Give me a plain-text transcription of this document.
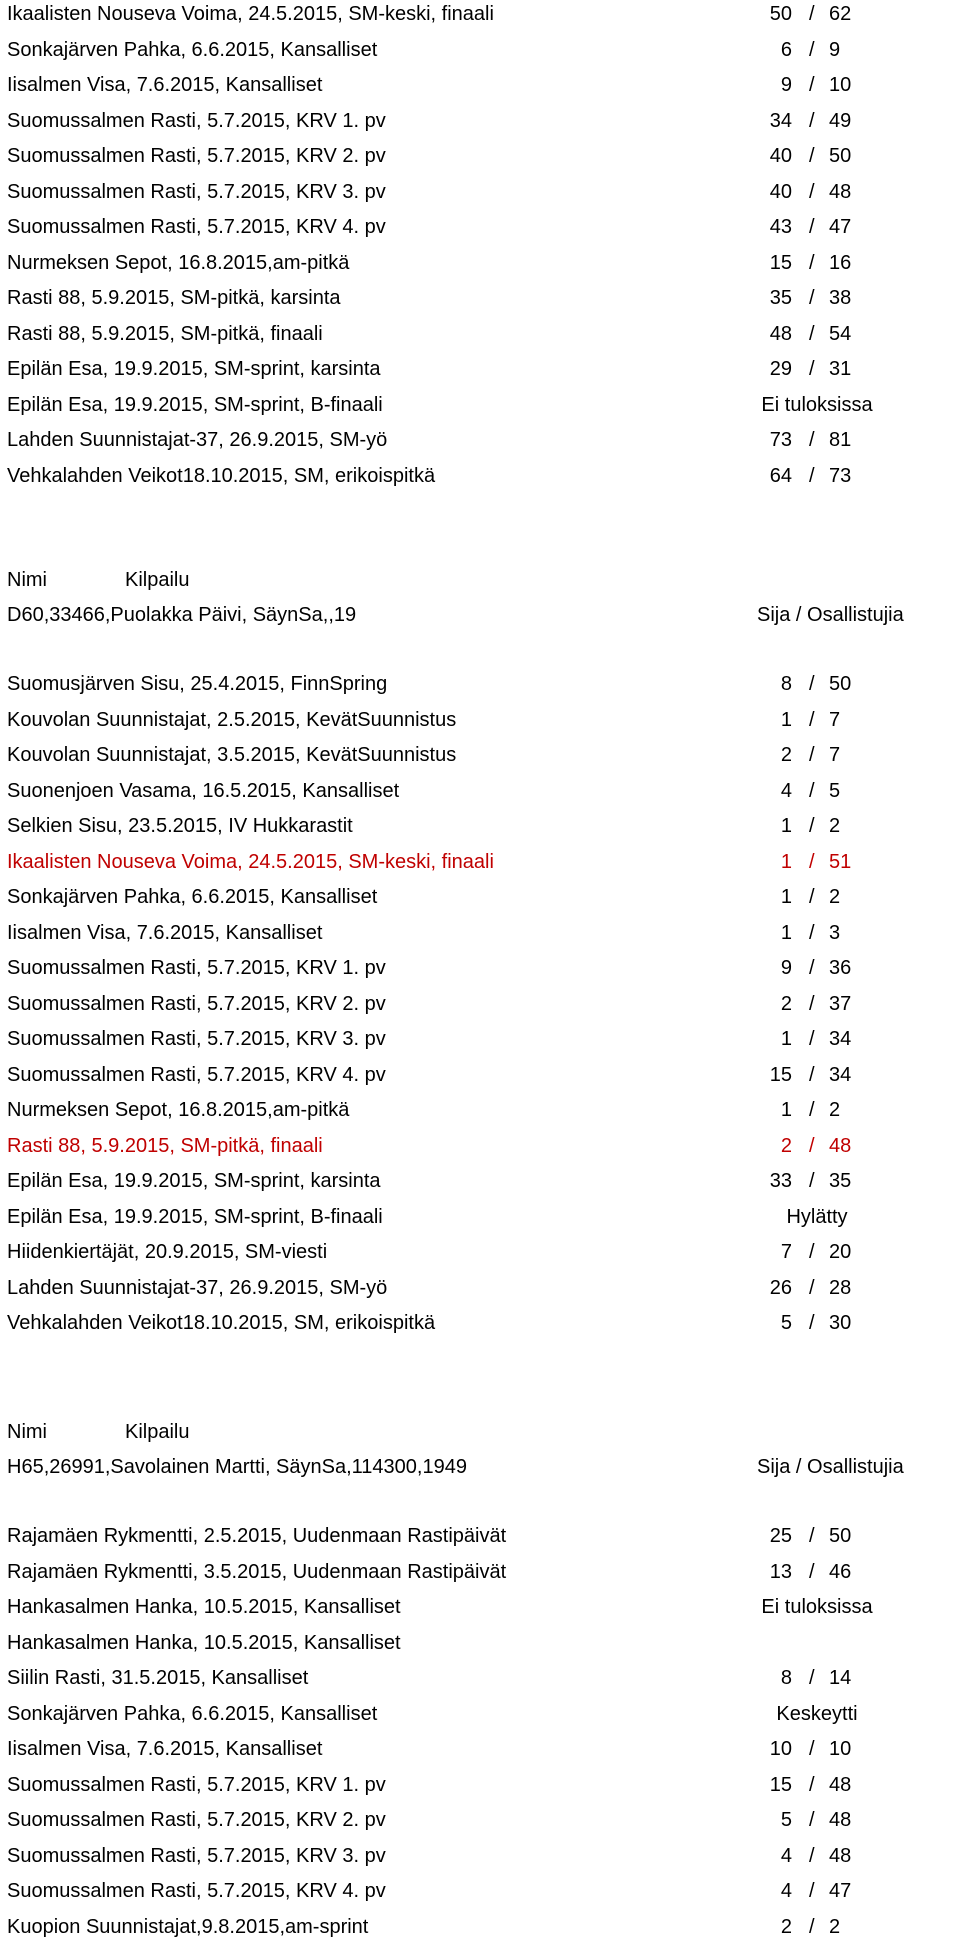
Ikaalisten Nouseva Voima, 24.5.2015, SM-keski, finaali	50 / 62
Sonkajärven Pahka, 6.6.2015, Kansalliset	6 / 9
Iisalmen Visa, 7.6.2015, Kansalliset	9 / 10
Suomussalmen Rasti, 5.7.2015, KRV 1. pv	34 / 49
Suomussalmen Rasti, 5.7.2015, KRV 2. pv	40 / 50
Suomussalmen Rasti, 5.7.2015, KRV 3. pv	40 / 48
Suomussalmen Rasti, 5.7.2015, KRV 4. pv	43 / 47
Nurmeksen Sepot, 16.8.2015,am-pitkä	15 / 16
Rasti 88, 5.9.2015, SM-pitkä, karsinta	35 / 38
Rasti 88, 5.9.2015, SM-pitkä, finaali	48 / 54
Epilän Esa, 19.9.2015, SM-sprint, karsinta	29 / 31
Epilän Esa, 19.9.2015, SM-sprint, B-finaali	Ei tuloksissa
Lahden Suunnistajat-37, 26.9.2015, SM-yö	73 / 81
Vehkalahden Veikot18.10.2015, SM, erikoispitkä	64 / 73
Nimi	Kilpailu
D60,33466,Puolakka Päivi, SäynSa,,19	Sija / Osallistujia
Suomusjärven Sisu, 25.4.2015, FinnSpring	8 / 50
Kouvolan Suunnistajat, 2.5.2015, KevätSuunnistus	1 / 7
Kouvolan Suunnistajat, 3.5.2015, KevätSuunnistus	2 / 7
Suonenjoen Vasama, 16.5.2015, Kansalliset	4 / 5
Selkien Sisu, 23.5.2015, IV Hukkarastit	1 / 2
Ikaalisten Nouseva Voima, 24.5.2015, SM-keski, finaali	1 / 51
Sonkajärven Pahka, 6.6.2015, Kansalliset	1 / 2
Iisalmen Visa, 7.6.2015, Kansalliset	1 / 3
Suomussalmen Rasti, 5.7.2015, KRV 1. pv	9 / 36
Suomussalmen Rasti, 5.7.2015, KRV 2. pv	2 / 37
Suomussalmen Rasti, 5.7.2015, KRV 3. pv	1 / 34
Suomussalmen Rasti, 5.7.2015, KRV 4. pv	15 / 34
Nurmeksen Sepot, 16.8.2015,am-pitkä	1 / 2
Rasti 88, 5.9.2015, SM-pitkä, finaali	2 / 48
Epilän Esa, 19.9.2015, SM-sprint, karsinta	33 / 35
Epilän Esa, 19.9.2015, SM-sprint, B-finaali	Hylätty
Hiidenkiertäjät, 20.9.2015, SM-viesti	7 / 20
Lahden Suunnistajat-37, 26.9.2015, SM-yö	26 / 28
Vehkalahden Veikot18.10.2015, SM, erikoispitkä	5 / 30
Nimi	Kilpailu
H65,26991,Savolainen Martti, SäynSa,114300,1949	Sija / Osallistujia
Rajamäen Rykmentti, 2.5.2015, Uudenmaan Rastipäivät	25 / 50
Rajamäen Rykmentti, 3.5.2015, Uudenmaan Rastipäivät	13 / 46
Hankasalmen Hanka, 10.5.2015, Kansalliset	Ei tuloksissa
Hankasalmen Hanka, 10.5.2015, Kansalliset
Siilin Rasti, 31.5.2015, Kansalliset	8 / 14
Sonkajärven Pahka, 6.6.2015, Kansalliset	Keskeytti
Iisalmen Visa, 7.6.2015, Kansalliset	10 / 10
Suomussalmen Rasti, 5.7.2015, KRV 1. pv	15 / 48
Suomussalmen Rasti, 5.7.2015, KRV 2. pv	5 / 48
Suomussalmen Rasti, 5.7.2015, KRV 3. pv	4 / 48
Suomussalmen Rasti, 5.7.2015, KRV 4. pv	4 / 47
Kuopion Suunnistajat,9.8.2015,am-sprint	2 / 2
